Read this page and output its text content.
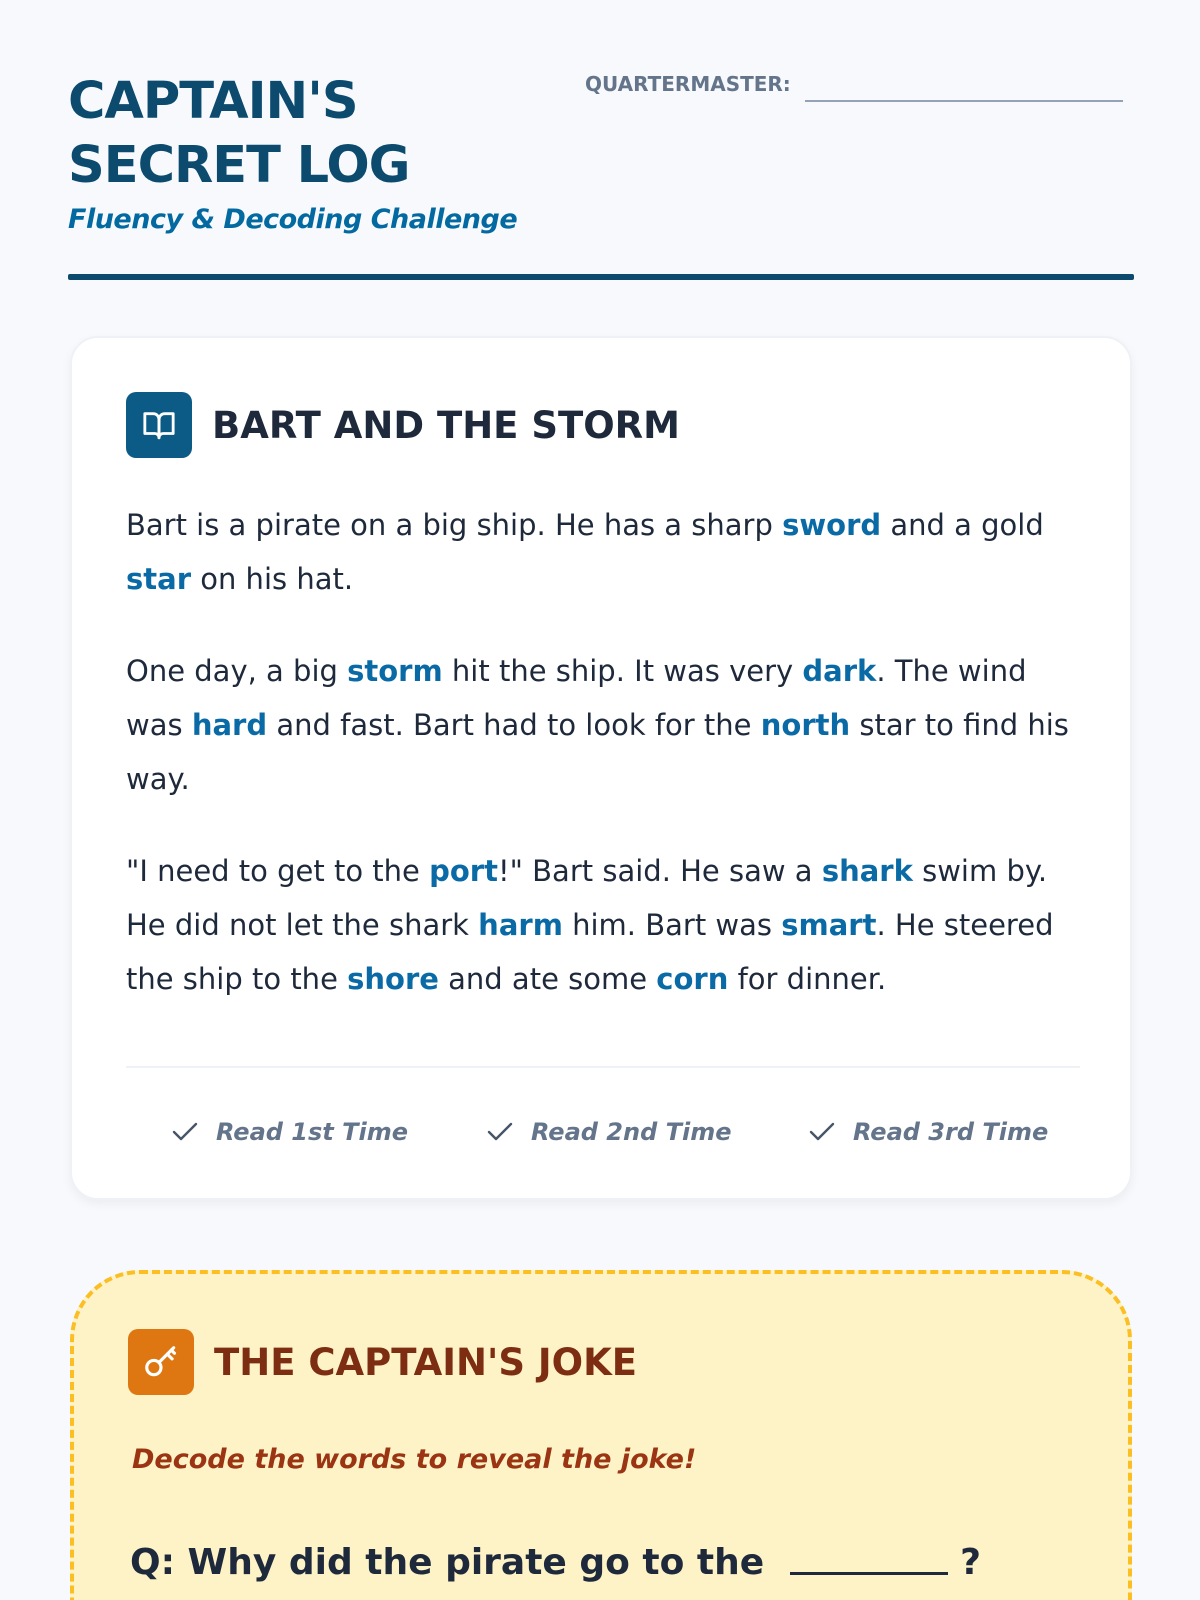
CAPTAIN'S
SECRET LOG
Fluency & Decoding Challenge
QUARTERMASTER:
BART AND THE STORM

Bart is a pirate on a big ship. He has a sharp sword and a gold star on his hat.

One day, a big storm hit the ship. It was very dark. The wind was hard and fast. Bart had to look for the north star to find his way.

"I need to get to the port!" Bart said. He saw a shark swim by. He did not let the shark harm him. Bart was smart. He steered the ship to the shore and ate some corn for dinner.

Read 1st Time	Read 2nd Time	Read 3rd Time
THE CAPTAIN'S JOKE
Decode the words to reveal the joke!
Q: Why did the pirate go to the	?
